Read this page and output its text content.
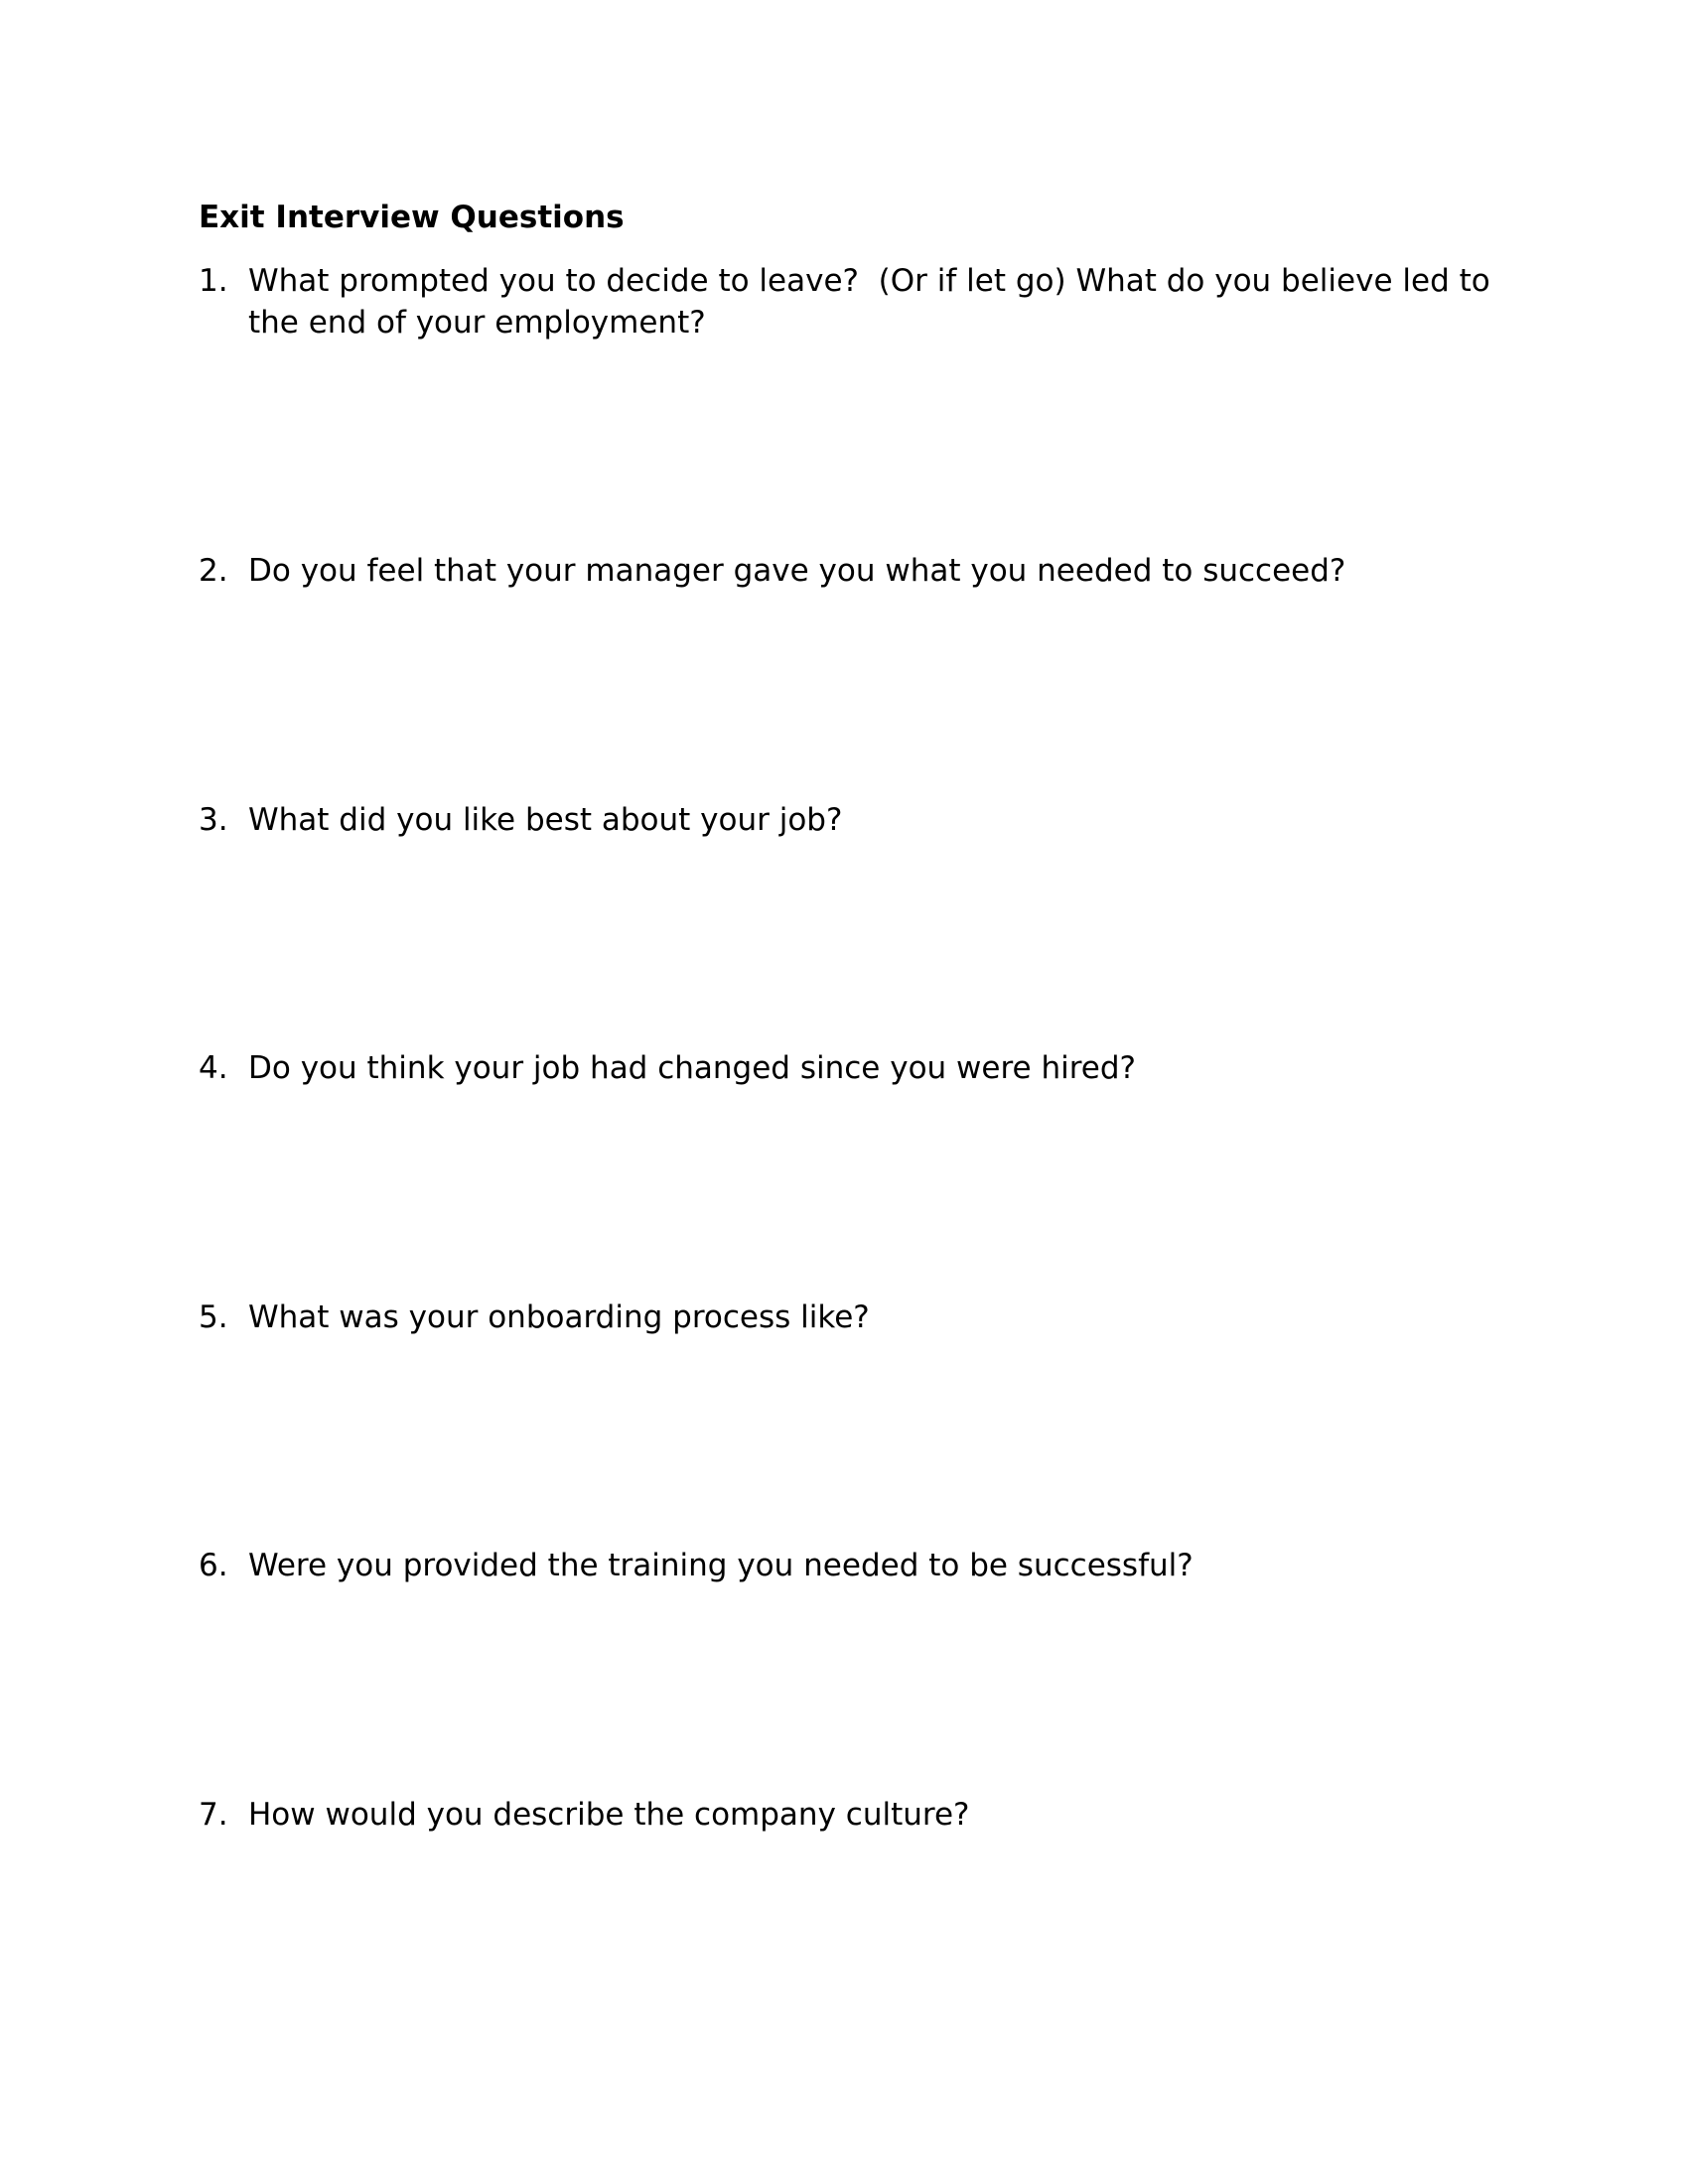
Exit Interview Questions
1. What prompted you to decide to leave?  (Or if let go) What do you believe led to the end of your employment?
2. Do you feel that your manager gave you what you needed to succeed?
3. What did you like best about your job?
4. Do you think your job had changed since you were hired?
5. What was your onboarding process like?
6. Were you provided the training you needed to be successful?
7. How would you describe the company culture?
